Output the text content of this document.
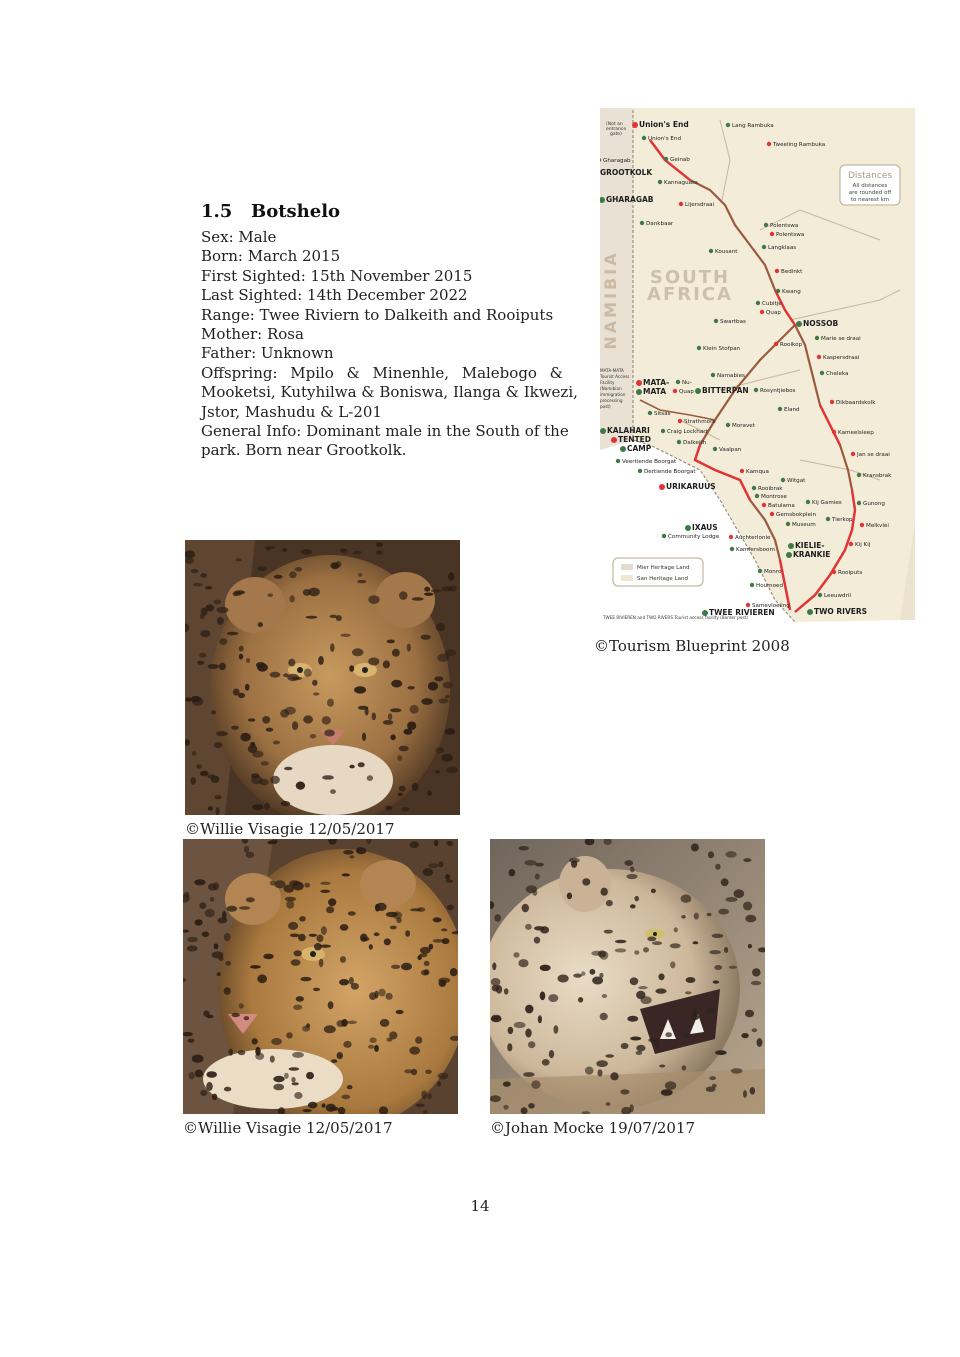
1.5 Botshelo
Sex: Male
Born: March 2015
First Sighted: 15th November 2015
Last Sighted: 14th December 2022
Range: Twee Riviern to Dalkeith and Rooiputs
Mother: Rosa
Father: Unknown
Offspring: Mpilo & Minenhle, Malebogo &
Mooketsi, Kutyhilwa & Boniswa, Ilanga & Ikwezi,
Jstor, Mashudu & L-201
General Info: Dominant male in the South of the
park. Born near Grootkolk.
Union's End
Union's End
Lang Rambuka
Tweeling Rambuka
Gharagab	Geinab
GROOTKOLK
Kannaguass
GHARAGAB
Lijersdraai
Dankbaar	Polentswa
Polentswa
Kousant
Langklaas
Bedinkt
Kwang
Cubitje
Quap
Swartbas	NOSSOB
Rooikop
Marie se draai
Klein Stofpan
Kaspersdraai
Namabies	Cheleka
MATA-
MATA
Nu-
Quap BITTERPAN Rosyntjiebos
Dikbaardskolk
Sitsas
Eland
Strathmore
Moravet
KALAHARI
TENTED
CAMP
Craig Lockhart	Kameelsleep
Dalkeith
Vaalpan
Jan se draai
Veertiende Boorgat
Dertiende Boorgat	Kamqua
Kransbrak
Witgat
URIKARUUS	Rooibrak
Montrose
Batulama	Kij Gamies	Gunong
Gemsbokplein
Tierkop
Museum	Melkvlei
IXAUS
Community Lodge	Auchterlonie
KIELIE-
KRANKIE
Kij Kij
Kamfersboom
Monro	Rooiputs
Houmoed
Leeuwdril
Samevloeiing
TWEE RIVIEREN	TWO RIVERS
NAMIBIA SOUTH
AFRICA
Distances
All distances
are rounded off
to nearest km
Mier Heritage Land
San Heritage Land
TWEE RIVIEREN and TWO RIVERS Tourist access facility (Border post)
(Not an
entrance
gate)
MATA-MATA
Tourist Access
Facility
(Namibian
immigration
processing
post)
©Tourism Blueprint 2008
©Willie Visagie 12/05/2017
©Willie Visagie 12/05/2017	©Johan Mocke 19/07/2017
14
